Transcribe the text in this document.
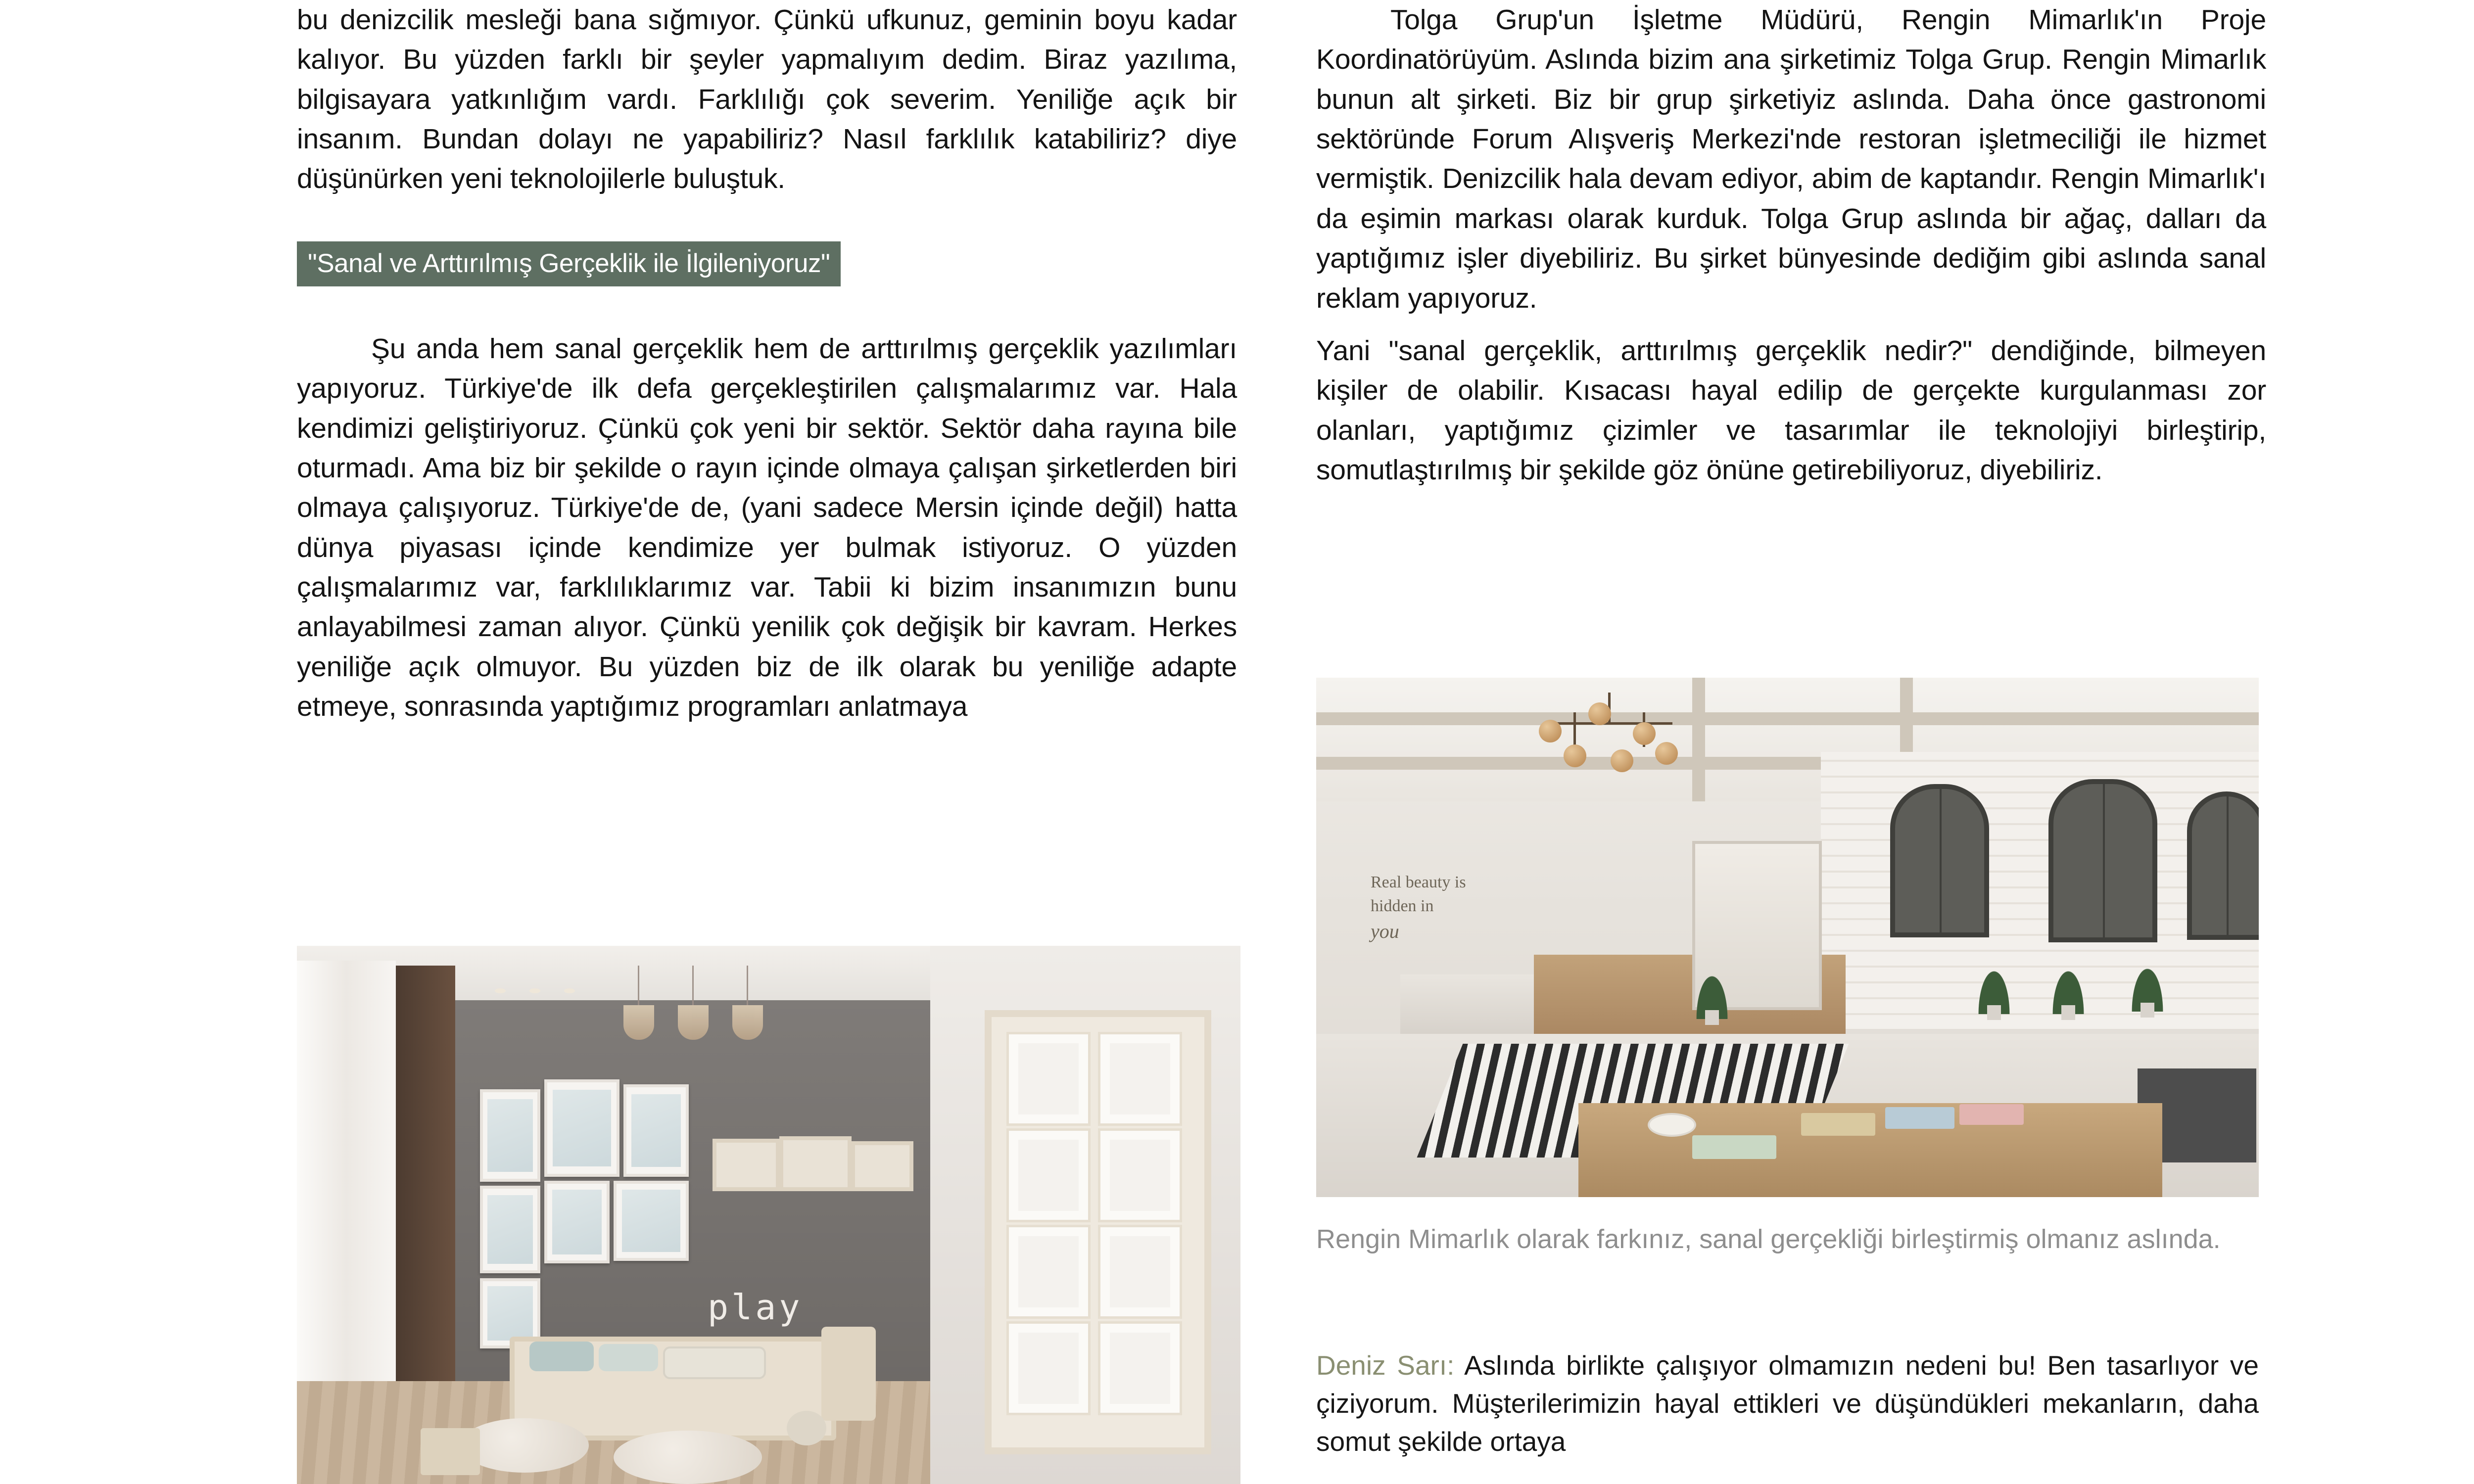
bu denizcilik mesleği bana sığmıyor. Çünkü ufkunuz, geminin boyu kadar kalıyor. Bu yüzden farklı bir şeyler yapmalıyım dedim. Biraz yazılıma, bilgisayara yatkınlığım vardı. Farklılığı çok severim. Yeniliğe açık bir insanım. Bundan dolayı ne yapabiliriz? Nasıl farklılık katabiliriz? diye düşünürken yeni teknolojilerle buluştuk.

"Sanal ve Arttırılmış Gerçeklik ile İlgileniyoruz"

Şu anda hem sanal gerçeklik hem de arttırılmış gerçeklik yazılımları yapıyoruz. Türkiye'de ilk defa gerçekleştirilen çalışmalarımız var. Hala kendimizi geliştiriyoruz. Çünkü çok yeni bir sektör. Sektör daha rayına bile oturmadı. Ama biz bir şekilde o rayın içinde olmaya çalışan şirketlerden biri olmaya çalışıyoruz. Türkiye'de de, (yani sadece Mersin içinde değil) hatta dünya piyasası içinde kendimize yer bulmak istiyoruz. O yüzden çalışmalarımız var, farklılıklarımız var. Tabii ki bizim insanımızın bunu anlayabilmesi zaman alıyor. Çünkü yenilik çok değişik bir kavram. Herkes yeniliğe açık olmuyor. Bu yüzden biz de ilk olarak bu yeniliğe adapte etmeye, sonrasında yaptığımız programları anlatmaya

play

Tolga Grup'un İşletme Müdürü, Rengin Mimarlık'ın Proje Koordinatörüyüm. Aslında bizim ana şirketimiz Tolga Grup. Rengin Mimarlık bunun alt şirketi. Biz bir grup şirketiyiz aslında. Daha önce gastronomi sektöründe Forum Alışveriş Merkezi'nde restoran işletmeciliği ile hizmet vermiştik. Denizcilik hala devam ediyor, abim de kaptandır. Rengin Mimarlık'ı da eşimin markası olarak kurduk. Tolga Grup aslında bir ağaç, dalları da yaptığımız işler diyebiliriz. Bu şirket bünyesinde dediğim gibi aslında sanal reklam yapıyoruz.

Yani "sanal gerçeklik, arttırılmış gerçeklik nedir?" dendiğinde, bilmeyen kişiler de olabilir. Kısacası hayal edilip de gerçekte kurgulanması zor olanları, yaptığımız çizimler ve tasarımlar ile teknolojiyi birleştirip, somutlaştırılmış bir şekilde göz önüne getirebiliyoruz, diyebiliriz.

Real beauty is
hidden in
you

Rengin Mimarlık olarak farkınız, sanal gerçekliği birleştirmiş olmanız aslında.

Deniz Sarı: Aslında birlikte çalışıyor olmamızın nedeni bu! Ben tasarlıyor ve çiziyorum. Müşterilerimizin hayal ettikleri ve düşündükleri mekanların, daha somut şekilde ortaya
